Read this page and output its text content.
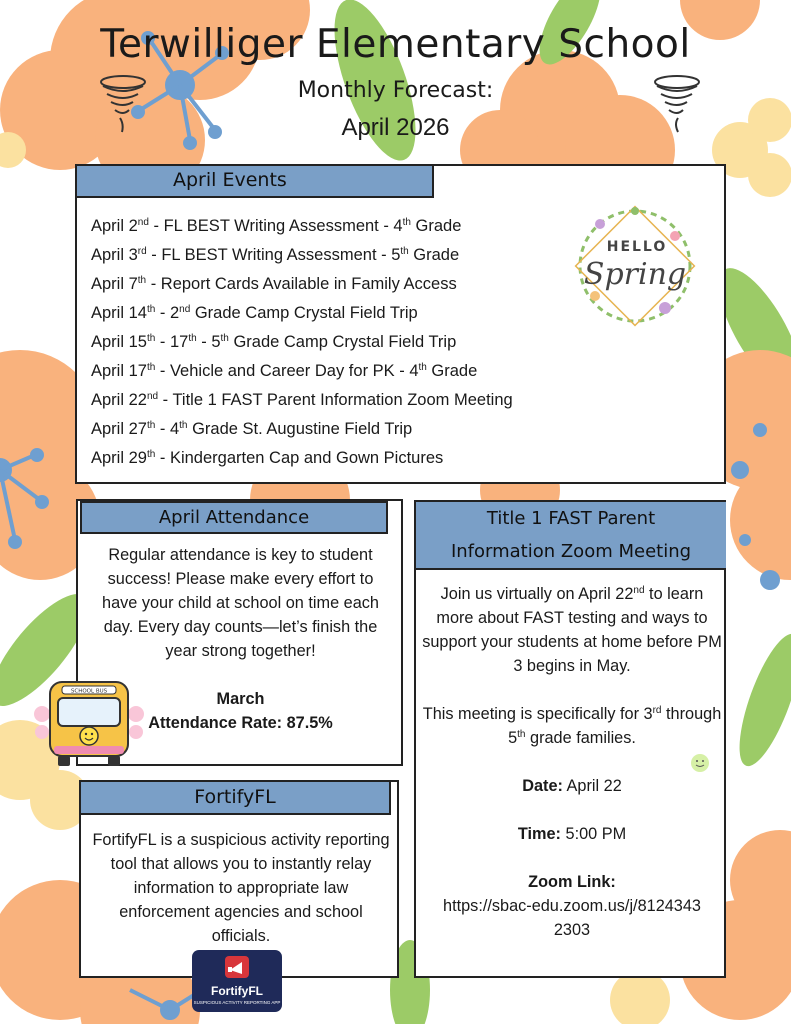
Terwilliger Elementary School
Monthly Forecast:
April 2026
April Events
April 2nd - FL BEST Writing Assessment - 4th Grade
April 3rd - FL BEST Writing Assessment - 5th Grade
April 7th - Report Cards Available in Family Access
April 14th - 2nd Grade Camp Crystal Field Trip
April 15th - 17th - 5th Grade Camp Crystal Field Trip
April 17th - Vehicle and Career Day for PK - 4th Grade
April 22nd - Title 1 FAST Parent Information Zoom Meeting
April 27th - 4th Grade St. Augustine Field Trip
April 29th - Kindergarten Cap and Gown Pictures
HELLO
Spring
April Attendance
Regular attendance is key to student success! Please make every effort to have your child at school on time each day. Every day counts—let’s finish the year strong together!
March
Attendance Rate: 87.5%
SCHOOL BUS
FortifyFL
FortifyFL is a suspicious activity reporting tool that allows you to instantly relay information to appropriate law enforcement agencies and school officials.
FortifyFL
SUSPICIOUS ACTIVITY REPORTING APP
Title 1 FAST Parent
Information Zoom Meeting
Join us virtually on April 22nd to learn more about FAST testing and ways to support your students at home before PM 3 begins in May.
This meeting is specifically for 3rd through 5th grade families.
Date: April 22
Time: 5:00 PM
Zoom Link:
https://sbac-edu.zoom.us/j/81243432303
